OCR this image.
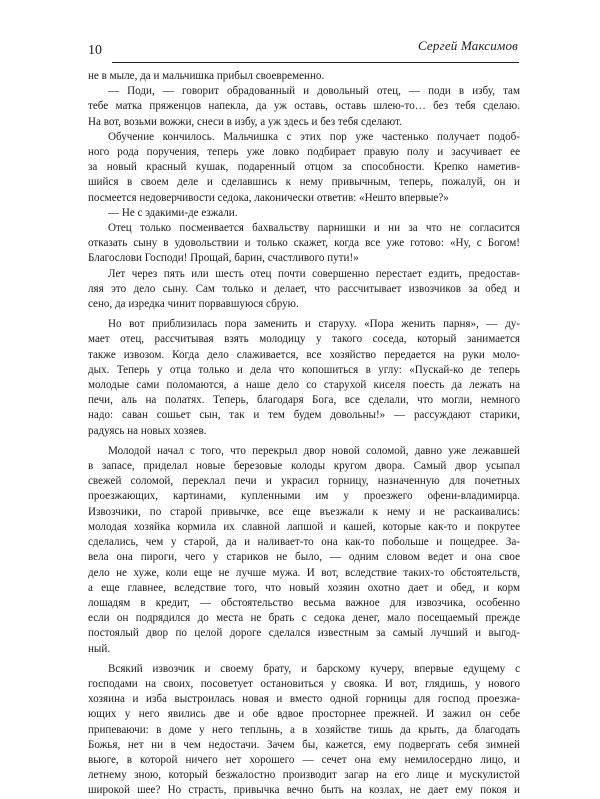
10	Сергей Максимов
не в мыле, да и мальчишка прибыл своевременно.
— Поди, — говорит обрадованный и довольный отец, — поди в избу, там
тебе матка пряженцов напекла, да уж оставь, оставь шлею-то… без тебя сделаю.
На вот, возьми вожжи, снеси в избу, а уж здесь и без тебя сделают.
Обучение кончилось. Мальчишка с этих пор уже частенько получает подоб-
ного рода поручения, теперь уже ловко подбирает правую полу и засучивает ее
за новый красный кушак, подаренный отцом за способности. Крепко наметив-
шийся в своем деле и сделавшись к нему привычным, теперь, пожалуй, он и
посмеется недоверчивости седока, лаконически ответив: «Нешто впервые?»
— Не с эдакими-де езжали.
Отец только посмеивается бахвальству парнишки и ни за что не согласится
отказать сыну в удовольствии и только скажет, когда все уже готово: «Ну, с Богом!
Благослови Господи! Прощай, барин, счастливого пути!»
Лет через пять или шесть отец почти совершенно перестает ездить, предостав-
ляя это дело сыну. Сам только и делает, что рассчитывает извозчиков за обед и
сено, да изредка чинит порвавшуюся сбрую.
Но вот приблизилась пора заменить и старуху. «Пора женить парня», — ду-
мает отец, рассчитывая взять молодицу у такого соседа, который занимается
также извозом. Когда дело слаживается, все хозяйство передается на руки моло-
дых. Теперь у отца только и дела что копошиться в углу: «Пускай-ко де теперь
молодые сами поломаются, а наше дело со старухой киселя поесть да лежать на
печи, аль на полатях. Теперь, благодаря Бога, все сделали, что могли, немного
надо: саван сошьет сын, так и тем будем довольны!» — рассуждают старики,
радуясь на новых хозяев.
Молодой начал с того, что перекрыл двор новой соломой, давно уже лежавшей
в запасе, приделал новые березовые колоды кругом двора. Самый двор усыпал
свежей соломой, переклал печи и украсил горницу, назначенную для почетных
проезжающих, картинами, купленными им у проезжего офени-владимирца.
Извозчики, по старой привычке, все еще въезжали к нему и не раскаивались:
молодая хозяйка кормила их славной лапшой и кашей, которые как-то и покрутее
сделались, чем у старой, да и наливает-то она как-то побольше и пощедрее. За-
велa она пироги, чего у стариков не было, — одним словом ведет и она свое
дело не хуже, коли еще не лучше мужа. И вот, вследствие таких-то обстоятельств,
а еще главнее, вследствие того, что новый хозяин охотно дает и обед, и корм
лошадям в кредит, — обстоятельство весьма важное для извозчика, особенно
если он подрядился до места не брать с седока денег, мало посещаемый прежде
постоялый двор по целой дороге сделался известным за самый лучший и выгод-
ный.
Всякий извозчик и своему брату, и барскому кучеру, впервые едущему с
господами на своих, посоветует остановиться у свояка. И вот, глядишь, у нового
хозяина и изба выстроилась новая и вместо одной горницы для господ проезжа-
ющих у него явились две и обе вдвое просторнее прежней. И зажил он себе
припеваючи: в доме у него теплынь, а в хозяйстве тишь да крыть, да благодать
Божья, нет ни в чем недостачи. Зачем бы, кажется, ему подвергать себя зимней
вьюге, в которой ничего нет хорошего — сечет она ему немилосердно лицо, и
летнему зною, который безжалостно производит загар на его лице и мускулистой
широкой шее? Но страсть, привычка вечно быть на козлах, не дает ему покоя и
